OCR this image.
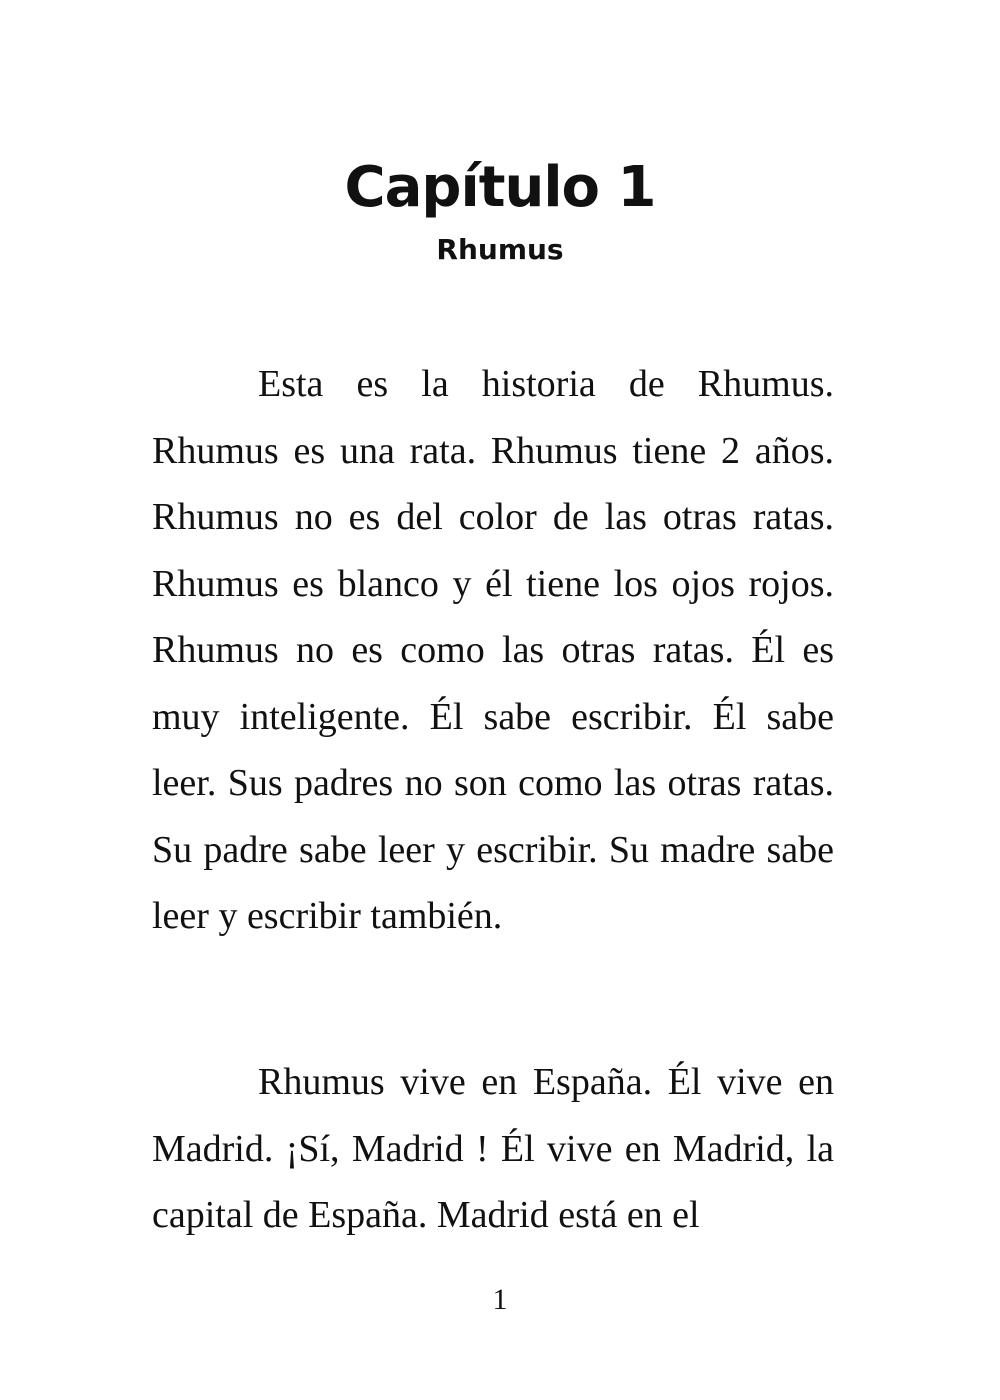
Capítulo 1
Rhumus

Esta es la historia de Rhumus. Rhumus es una rata. Rhumus tiene 2 años. Rhumus no es del color de las otras ratas. Rhumus es blanco y él tiene los ojos rojos. Rhumus no es como las otras ratas. Él es muy inteligente. Él sabe escribir. Él sabe leer. Sus padres no son como las otras ratas. Su padre sabe leer y escribir. Su madre sabe leer y escribir también.

Rhumus vive en España. Él vive en Madrid. ¡Sí, Madrid ! Él vive en Madrid, la capital de España. Madrid está en el

1
